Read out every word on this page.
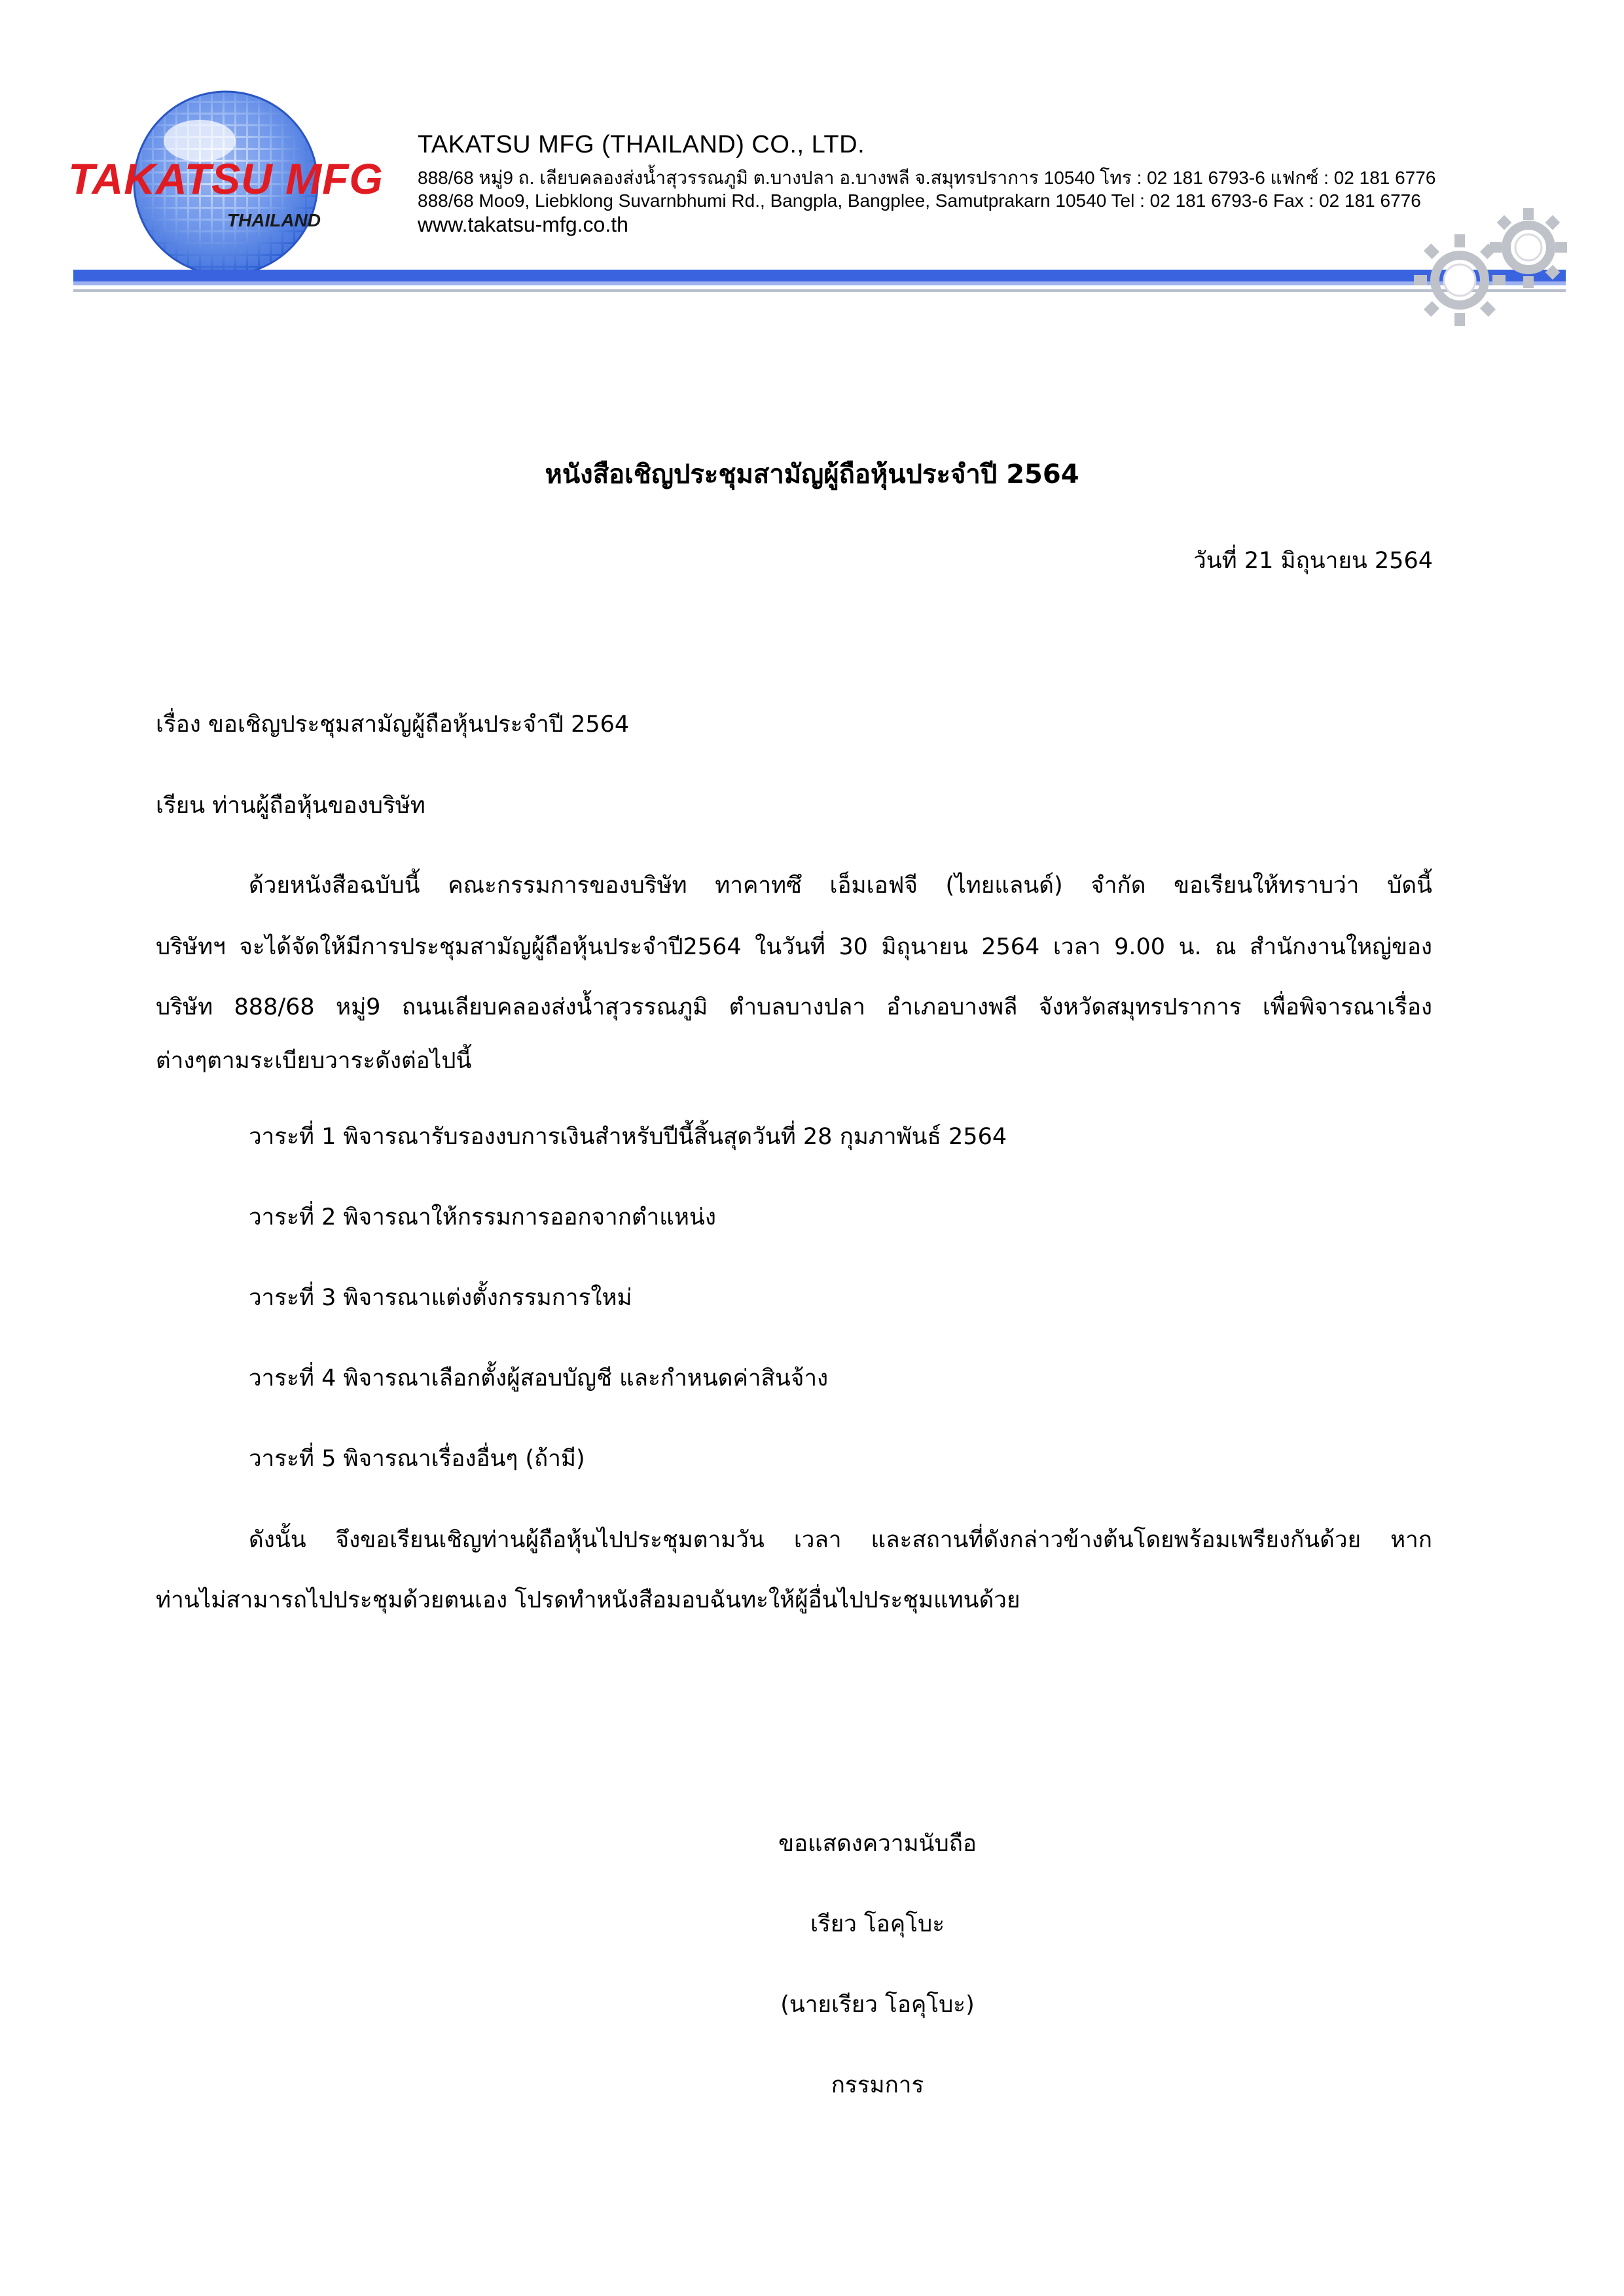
TAKATSU MFG
THAILAND
TAKATSU MFG (THAILAND) CO., LTD.
888/68 หมู่9 ถ. เลียบคลองส่งน้ำสุวรรณภูมิ ต.บางปลา อ.บางพลี จ.สมุทรปราการ 10540 โทร : 02 181 6793-6 แฟกซ์ : 02 181 6776
888/68 Moo9, Liebklong Suvarnbhumi Rd., Bangpla, Bangplee, Samutprakarn 10540 Tel : 02 181 6793-6 Fax : 02 181 6776
www.takatsu-mfg.co.th
หนังสือเชิญประชุมสามัญผู้ถือหุ้นประจำปี 2564
วันที่ 21 มิถุนายน 2564
เรื่อง ขอเชิญประชุมสามัญผู้ถือหุ้นประจำปี 2564
เรียน ท่านผู้ถือหุ้นของบริษัท
ด้วยหนังสือฉบับนี้ คณะกรรมการของบริษัท ทาคาทซึ เอ็มเอฟจี (ไทยแลนด์) จำกัด ขอเรียนให้ทราบว่า บัดนี้
บริษัทฯ จะได้จัดให้มีการประชุมสามัญผู้ถือหุ้นประจำปี2564 ในวันที่ 30 มิถุนายน 2564 เวลา 9.00 น. ณ สำนักงานใหญ่ของ
บริษัท 888/68 หมู่9 ถนนเลียบคลองส่งน้ำสุวรรณภูมิ ตำบลบางปลา อำเภอบางพลี จังหวัดสมุทรปราการ เพื่อพิจารณาเรื่อง
ต่างๆตามระเบียบวาระดังต่อไปนี้
วาระที่ 1 พิจารณารับรองงบการเงินสำหรับปีนี้สิ้นสุดวันที่ 28 กุมภาพันธ์ 2564
วาระที่ 2 พิจารณาให้กรรมการออกจากตำแหน่ง
วาระที่ 3 พิจารณาแต่งตั้งกรรมการใหม่
วาระที่ 4 พิจารณาเลือกตั้งผู้สอบบัญชี และกำหนดค่าสินจ้าง
วาระที่ 5 พิจารณาเรื่องอื่นๆ (ถ้ามี)
ดังนั้น จึงขอเรียนเชิญท่านผู้ถือหุ้นไปประชุมตามวัน เวลา และสถานที่ดังกล่าวข้างต้นโดยพร้อมเพรียงกันด้วย หาก
ท่านไม่สามารถไปประชุมด้วยตนเอง โปรดทำหนังสือมอบฉันทะให้ผู้อื่นไปประชุมแทนด้วย
ขอแสดงความนับถือ
เรียว โอคุโบะ
(นายเรียว โอคุโบะ)
กรรมการ
